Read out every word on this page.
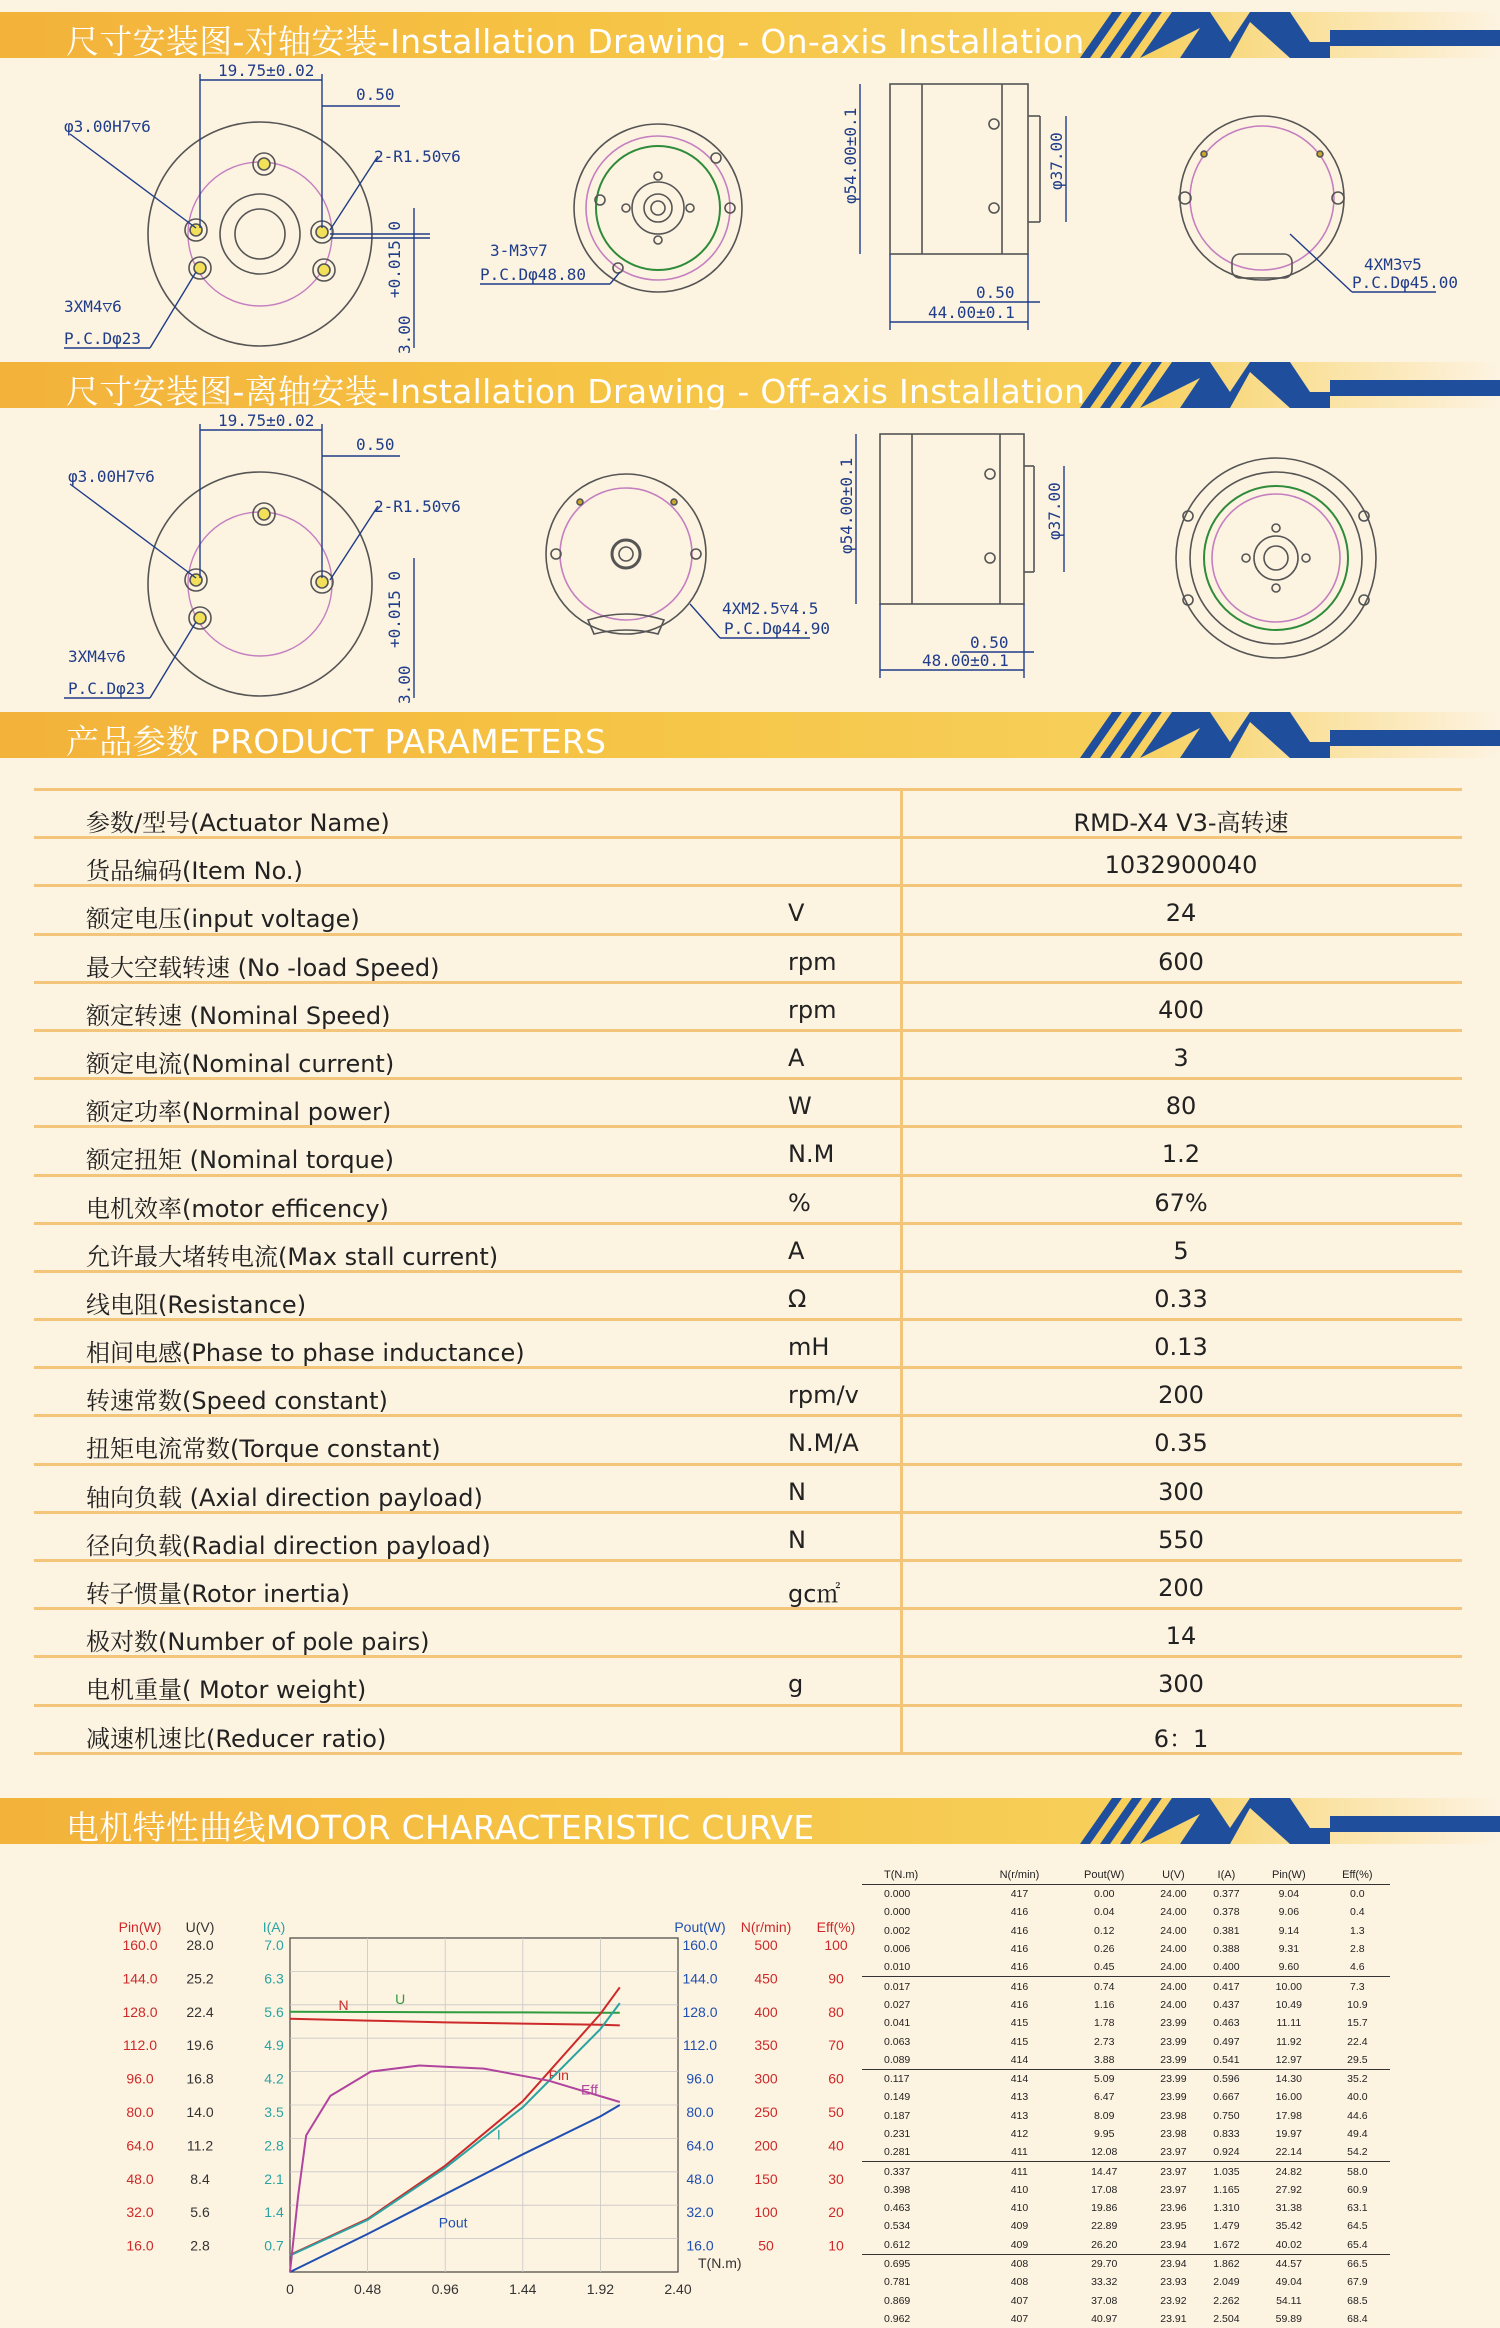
尺寸安装图-对轴安装-Installation Drawing - On-axis Installation
19.75±0.02
0.50
φ3.00H7▽6
2-R1.50▽6
3XM4▽6
P.C.Dφ23	3.00
+0.015 0	3-M3▽7
P.C.Dφ48.80
φ54.00±0.1	φ37.00
0.50
44.00±0.1
4XM3▽5
P.C.Dφ45.00
尺寸安装图-离轴安装-Installation Drawing - Off-axis Installation
19.75±0.02
0.50
φ3.00H7▽6
2-R1.50▽6
3XM4▽6
P.C.Dφ23	3.00
+0.015 0	4XM2.5▽4.5
P.C.Dφ44.90
φ54.00±0.1	φ37.00
0.50
48.00±0.1
产品参数 PRODUCT PARAMETERS
参数/型号(Actuator Name)	RMD-X4 V3-高转速
货品编码(Item No.)	1032900040
额定电压(input voltage)	V	24
最大空载转速 (No -load Speed)	rpm	600
额定转速 (Nominal Speed)	rpm	400
额定电流(Nominal current)	A	3
额定功率(Norminal power)	W	80
额定扭矩 (Nominal torque)	N.M	1.2
电机效率(motor efficency)	%	67%
允许最大堵转电流(Max stall current)	A	5
线电阻(Resistance)	Ω	0.33
相间电感(Phase to phase inductance)	mH	0.13
转速常数(Speed constant)	rpm/v	200
扭矩电流常数(Torque constant)	N.M/A	0.35
轴向负载 (Axial direction payload)	N	300
径向负载(Radial direction payload)	N	550
转子惯量(Rotor inertia)	gc㎡	200
极对数(Number of pole pairs)	14
电机重量( Motor weight)	g	300
减速机速比(Reducer ratio)	6：1
电机特性曲线MOTOR CHARACTERISTIC CURVE
0	0.48	0.96	1.44	1.92	2.40
T(N.m)
Pin(W)
160.0
144.0
128.0
112.0
96.0
80.0
64.0
48.0
32.0
16.0
U(V)
28.0
25.2
22.4
19.6
16.8
14.0
11.2
8.4
5.6
2.8
I(A)
7.0
6.3
5.6
4.9
4.2
3.5
2.8
2.1
1.4
0.7
Pout(W)
160.0
144.0
128.0
112.0
96.0
80.0
64.0
48.0
32.0
16.0
N(r/min)
500
450
400
350
300
250
200
150
100
50
Eff(%)
100
90
80
70
60
50
40
30
20
10
N	U
Pin
I
Pout
Eff
T(N.m)	N(r/min)	Pout(W)	U(V)	I(A)	Pin(W)	Eff(%)
0.000	417	0.00	24.00	0.377	9.04	0.0
0.000	416	0.04	24.00	0.378	9.06	0.4
0.002	416	0.12	24.00	0.381	9.14	1.3
0.006	416	0.26	24.00	0.388	9.31	2.8
0.010	416	0.45	24.00	0.400	9.60	4.6
0.017	416	0.74	24.00	0.417	10.00	7.3
0.027	416	1.16	24.00	0.437	10.49	10.9
0.041	415	1.78	23.99	0.463	11.11	15.7
0.063	415	2.73	23.99	0.497	11.92	22.4
0.089	414	3.88	23.99	0.541	12.97	29.5
0.117	414	5.09	23.99	0.596	14.30	35.2
0.149	413	6.47	23.99	0.667	16.00	40.0
0.187	413	8.09	23.98	0.750	17.98	44.6
0.231	412	9.95	23.98	0.833	19.97	49.4
0.281	411	12.08	23.97	0.924	22.14	54.2
0.337	411	14.47	23.97	1.035	24.82	58.0
0.398	410	17.08	23.97	1.165	27.92	60.9
0.463	410	19.86	23.96	1.310	31.38	63.1
0.534	409	22.89	23.95	1.479	35.42	64.5
0.612	409	26.20	23.94	1.672	40.02	65.4
0.695	408	29.70	23.94	1.862	44.57	66.5
0.781	408	33.32	23.93	2.049	49.04	67.9
0.869	407	37.08	23.92	2.262	54.11	68.5
0.962	407	40.97	23.91	2.504	59.89	68.4
